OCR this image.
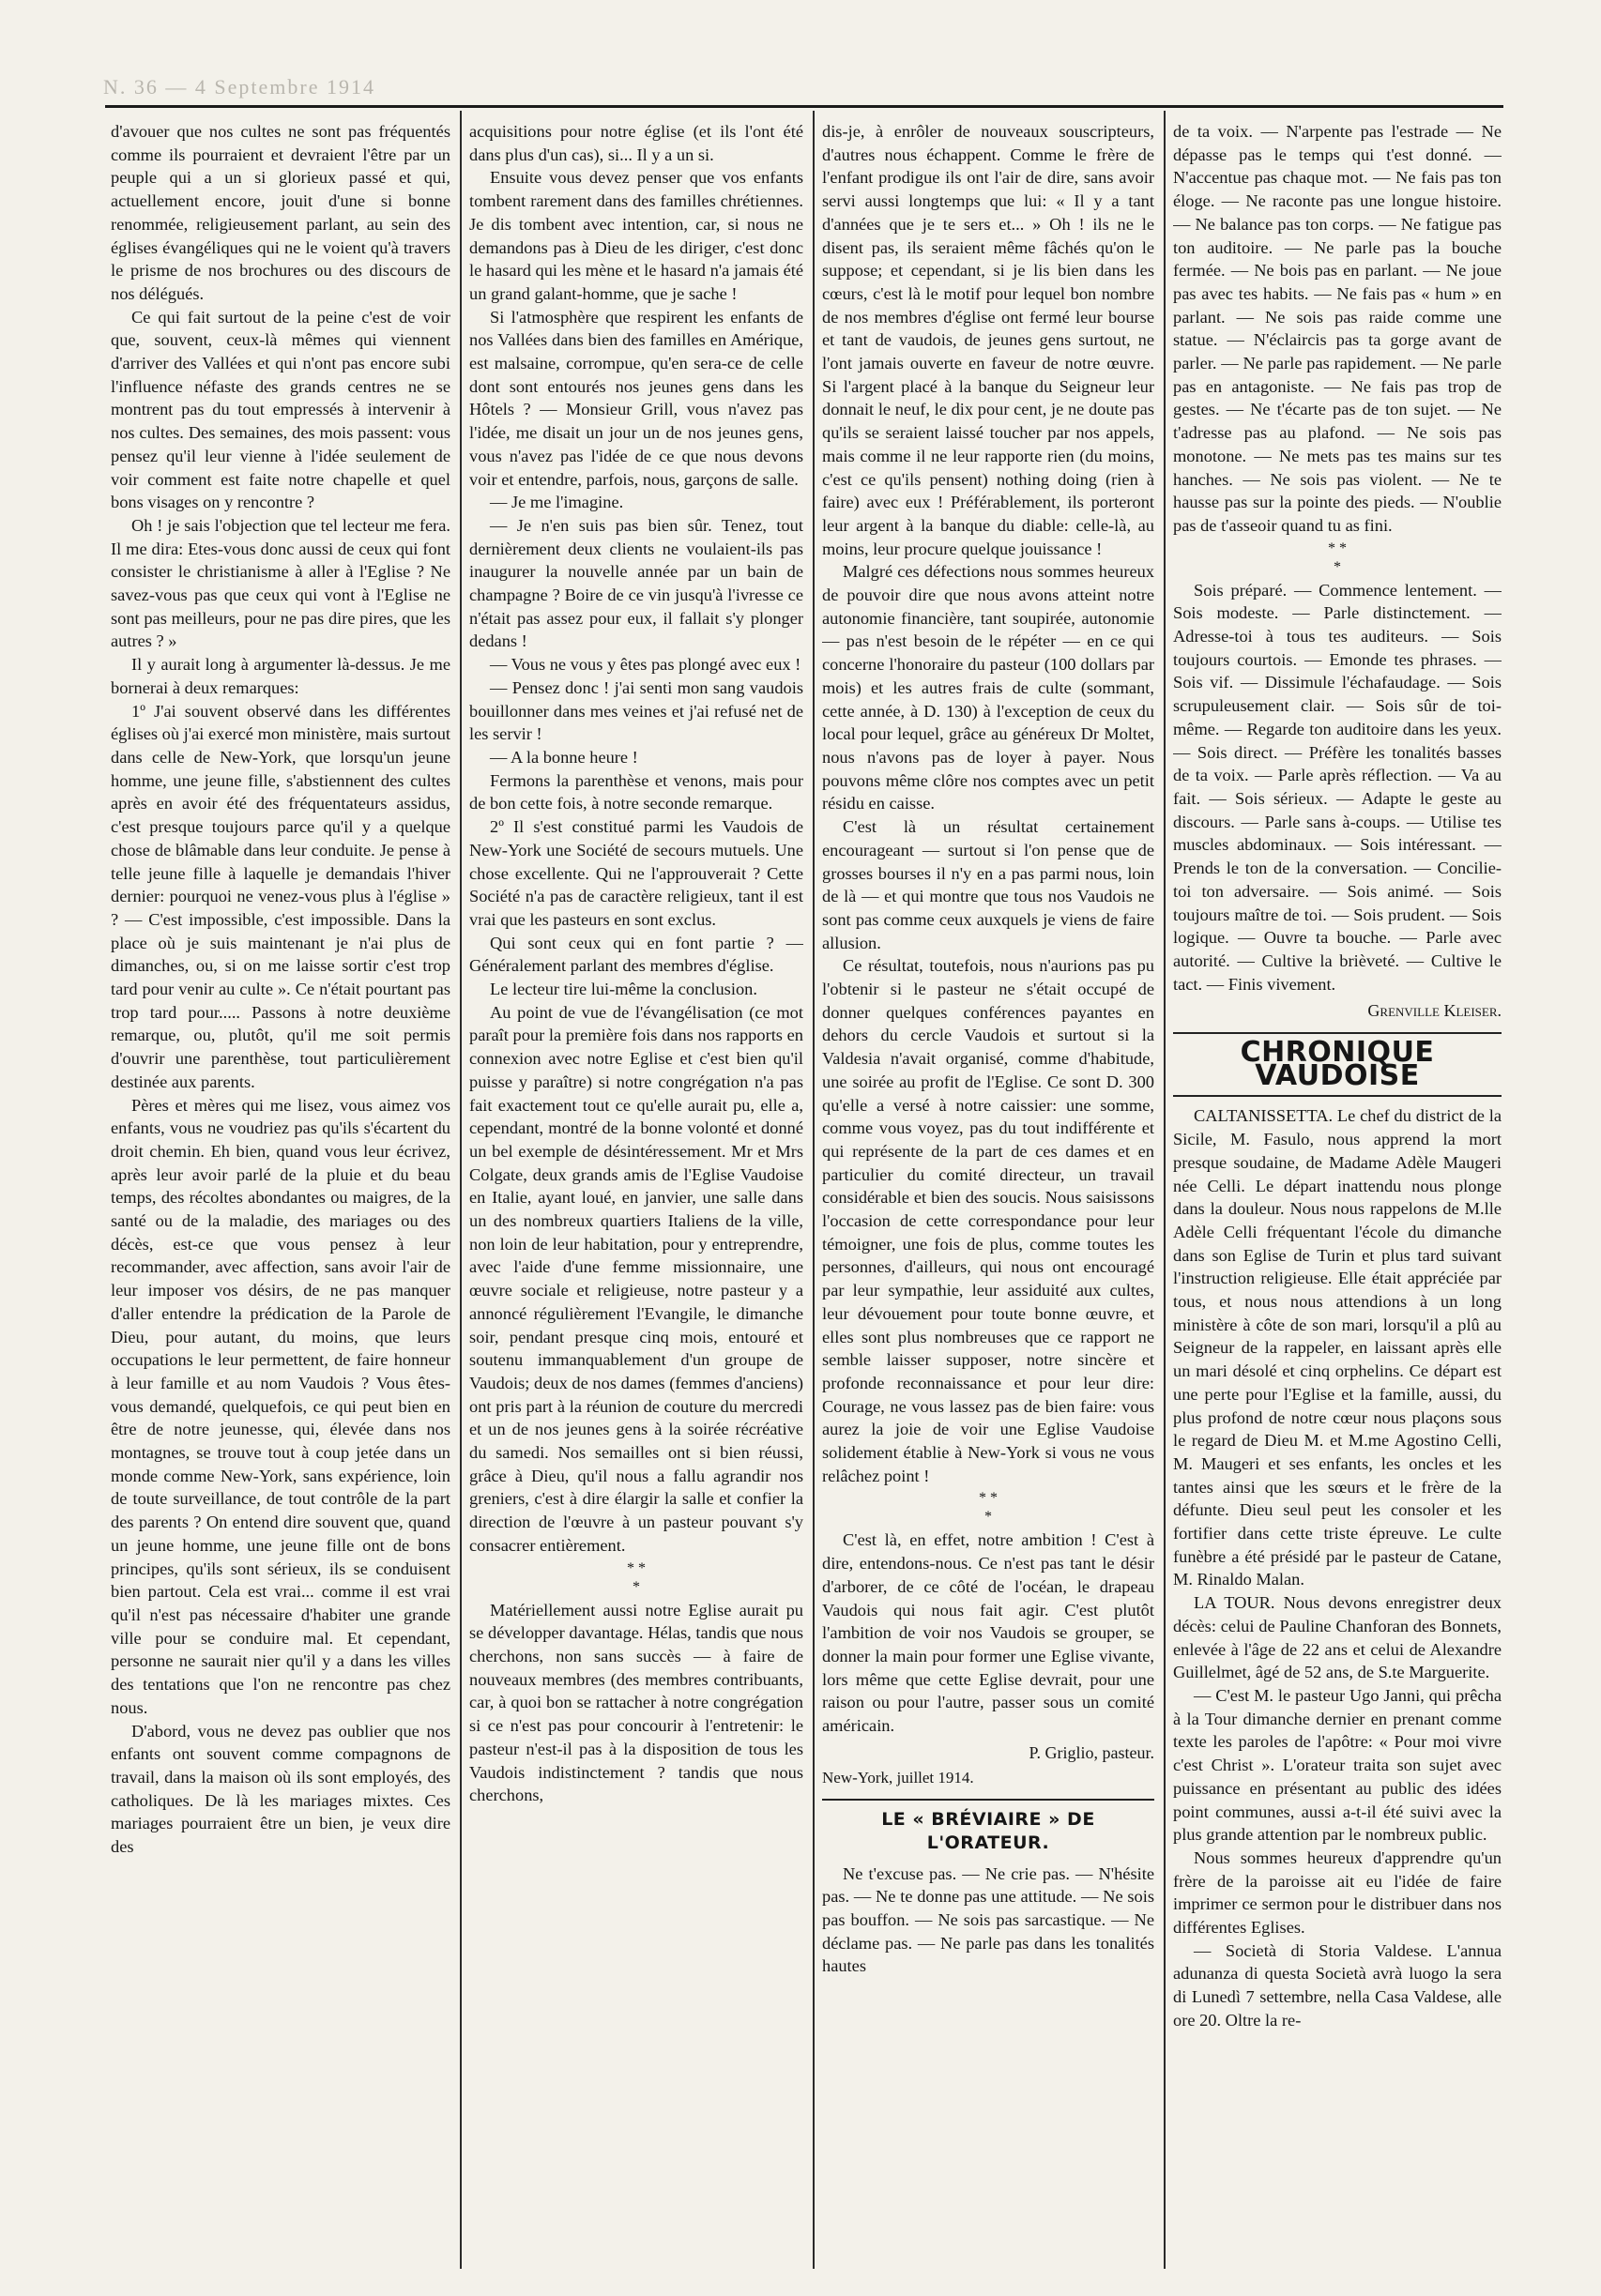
Ν. 36 — 4 Septembre 1914

d'avouer que nos cultes ne sont pas fréquentés comme ils pourraient et devraient l'être par un peuple qui a un si glorieux passé et qui, actuellement encore, jouit d'une si bonne renommée, religieusement parlant, au sein des églises évangéliques qui ne le voient qu'à travers le prisme de nos brochures ou des discours de nos délégués.

Ce qui fait surtout de la peine c'est de voir que, souvent, ceux-là mêmes qui viennent d'arriver des Vallées et qui n'ont pas encore subi l'influence néfaste des grands centres ne se montrent pas du tout empressés à intervenir à nos cultes. Des semaines, des mois passent: vous pensez qu'il leur vienne à l'idée seulement de voir comment est faite notre chapelle et quel bons visages on y rencontre ?

Oh ! je sais l'objection que tel lecteur me fera. Il me dira: Etes-vous donc aussi de ceux qui font consister le christianisme à aller à l'Eglise ? Ne savez-vous pas que ceux qui vont à l'Eglise ne sont pas meilleurs, pour ne pas dire pires, que les autres ? »

Il y aurait long à argumenter là-dessus. Je me bornerai à deux remarques:

1º J'ai souvent observé dans les différentes églises où j'ai exercé mon ministère, mais surtout dans celle de New-York, que lorsqu'un jeune homme, une jeune fille, s'abstiennent des cultes après en avoir été des fréquentateurs assidus, c'est presque toujours parce qu'il y a quelque chose de blâmable dans leur conduite. Je pense à telle jeune fille à laquelle je demandais l'hiver dernier: pourquoi ne venez-vous plus à l'église » ? — C'est impossible, c'est impossible. Dans la place où je suis maintenant je n'ai plus de dimanches, ou, si on me laisse sortir c'est trop tard pour venir au culte ». Ce n'était pourtant pas trop tard pour..... Passons à notre deuxième remarque, ou, plutôt, qu'il me soit permis d'ouvrir une parenthèse, tout particulièrement destinée aux parents.

Pères et mères qui me lisez, vous aimez vos enfants, vous ne voudriez pas qu'ils s'écartent du droit chemin. Eh bien, quand vous leur écrivez, après leur avoir parlé de la pluie et du beau temps, des récoltes abondantes ou maigres, de la santé ou de la maladie, des mariages ou des décès, est-ce que vous pensez à leur recommander, avec affection, sans avoir l'air de leur imposer vos désirs, de ne pas manquer d'aller entendre la prédication de la Parole de Dieu, pour autant, du moins, que leurs occupations le leur permettent, de faire honneur à leur famille et au nom Vaudois ? Vous êtes-vous demandé, quelquefois, ce qui peut bien en être de notre jeunesse, qui, élevée dans nos montagnes, se trouve tout à coup jetée dans un monde comme New-York, sans expérience, loin de toute surveillance, de tout contrôle de la part des parents ? On entend dire souvent que, quand un jeune homme, une jeune fille ont de bons principes, qu'ils sont sérieux, ils se conduisent bien partout. Cela est vrai... comme il est vrai qu'il n'est pas nécessaire d'habiter une grande ville pour se conduire mal. Et cependant, personne ne saurait nier qu'il y a dans les villes des tentations que l'on ne rencontre pas chez nous.

D'abord, vous ne devez pas oublier que nos enfants ont souvent comme compagnons de travail, dans la maison où ils sont employés, des catholiques. De là les mariages mixtes. Ces mariages pourraient être un bien, je veux dire des

acquisitions pour notre église (et ils l'ont été dans plus d'un cas), si... Il y a un si.

Ensuite vous devez penser que vos enfants tombent rarement dans des familles chrétiennes. Je dis tombent avec intention, car, si nous ne demandons pas à Dieu de les diriger, c'est donc le hasard qui les mène et le hasard n'a jamais été un grand galant-homme, que je sache !

Si l'atmosphère que respirent les enfants de nos Vallées dans bien des familles en Amérique, est malsaine, corrompue, qu'en sera-ce de celle dont sont entourés nos jeunes gens dans les Hôtels ? — Monsieur Grill, vous n'avez pas l'idée, me disait un jour un de nos jeunes gens, vous n'avez pas l'idée de ce que nous devons voir et entendre, parfois, nous, garçons de salle.

— Je me l'imagine.

— Je n'en suis pas bien sûr. Tenez, tout dernièrement deux clients ne voulaient-ils pas inaugurer la nouvelle année par un bain de champagne ? Boire de ce vin jusqu'à l'ivresse ce n'était pas assez pour eux, il fallait s'y plonger dedans !

— Vous ne vous y êtes pas plongé avec eux !

— Pensez donc ! j'ai senti mon sang vaudois bouillonner dans mes veines et j'ai refusé net de les servir !

— A la bonne heure !

Fermons la parenthèse et venons, mais pour de bon cette fois, à notre seconde remarque.

2º Il s'est constitué parmi les Vaudois de New-York une Société de secours mutuels. Une chose excellente. Qui ne l'approuverait ? Cette Société n'a pas de caractère religieux, tant il est vrai que les pasteurs en sont exclus.

Qui sont ceux qui en font partie ? — Généralement parlant des membres d'église.

Le lecteur tire lui-même la conclusion.

Au point de vue de l'évangélisation (ce mot paraît pour la première fois dans nos rapports en connexion avec notre Eglise et c'est bien qu'il puisse y paraître) si notre congrégation n'a pas fait exactement tout ce qu'elle aurait pu, elle a, cependant, montré de la bonne volonté et donné un bel exemple de désintéressement. Mr et Mrs Colgate, deux grands amis de l'Eglise Vaudoise en Italie, ayant loué, en janvier, une salle dans un des nombreux quartiers Italiens de la ville, non loin de leur habitation, pour y entreprendre, avec l'aide d'une femme missionnaire, une œuvre sociale et religieuse, notre pasteur y a annoncé régulièrement l'Evangile, le dimanche soir, pendant presque cinq mois, entouré et soutenu immanquablement d'un groupe de Vaudois; deux de nos dames (femmes d'anciens) ont pris part à la réunion de couture du mercredi et un de nos jeunes gens à la soirée récréative du samedi. Nos semailles ont si bien réussi, grâce à Dieu, qu'il nous a fallu agrandir nos greniers, c'est à dire élargir la salle et confier la direction de l'œuvre à un pasteur pouvant s'y consacrer entièrement.

* *
*

Matériellement aussi notre Eglise aurait pu se développer davantage. Hélas, tandis que nous cherchons, non sans succès — à faire de nouveaux membres (des membres contribuants, car, à quoi bon se rattacher à notre congrégation si ce n'est pas pour concourir à l'entretenir: le pasteur n'est-il pas à la disposition de tous les Vaudois indistinctement ? tandis que nous cherchons,

dis-je, à enrôler de nouveaux souscripteurs, d'autres nous échappent. Comme le frère de l'enfant prodigue ils ont l'air de dire, sans avoir servi aussi longtemps que lui: « Il y a tant d'années que je te sers et... » Oh ! ils ne le disent pas, ils seraient même fâchés qu'on le suppose; et cependant, si je lis bien dans les cœurs, c'est là le motif pour lequel bon nombre de nos membres d'église ont fermé leur bourse et tant de vaudois, de jeunes gens surtout, ne l'ont jamais ouverte en faveur de notre œuvre. Si l'argent placé à la banque du Seigneur leur donnait le neuf, le dix pour cent, je ne doute pas qu'ils se seraient laissé toucher par nos appels, mais comme il ne leur rapporte rien (du moins, c'est ce qu'ils pensent) nothing doing (rien à faire) avec eux ! Préférablement, ils porteront leur argent à la banque du diable: celle-là, au moins, leur procure quelque jouissance !

Malgré ces défections nous sommes heureux de pouvoir dire que nous avons atteint notre autonomie financière, tant soupirée, autonomie — pas n'est besoin de le répéter — en ce qui concerne l'honoraire du pasteur (100 dollars par mois) et les autres frais de culte (sommant, cette année, à D. 130) à l'exception de ceux du local pour lequel, grâce au généreux Dr Moltet, nous n'avons pas de loyer à payer. Nous pouvons même clôre nos comptes avec un petit résidu en caisse.

C'est là un résultat certainement encourageant — surtout si l'on pense que de grosses bourses il n'y en a pas parmi nous, loin de là — et qui montre que tous nos Vaudois ne sont pas comme ceux auxquels je viens de faire allusion.

Ce résultat, toutefois, nous n'aurions pas pu l'obtenir si le pasteur ne s'était occupé de donner quelques conférences payantes en dehors du cercle Vaudois et surtout si la Valdesia n'avait organisé, comme d'habitude, une soirée au profit de l'Eglise. Ce sont D. 300 qu'elle a versé à notre caissier: une somme, comme vous voyez, pas du tout indifférente et qui représente de la part de ces dames et en particulier du comité directeur, un travail considérable et bien des soucis. Nous saisissons l'occasion de cette correspondance pour leur témoigner, une fois de plus, comme toutes les personnes, d'ailleurs, qui nous ont encouragé par leur sympathie, leur assiduité aux cultes, leur dévouement pour toute bonne œuvre, et elles sont plus nombreuses que ce rapport ne semble laisser supposer, notre sincère et profonde reconnaissance et pour leur dire: Courage, ne vous lassez pas de bien faire: vous aurez la joie de voir une Eglise Vaudoise solidement établie à New-York si vous ne vous relâchez point !

* *
*

C'est là, en effet, notre ambition ! C'est à dire, entendons-nous. Ce n'est pas tant le désir d'arborer, de ce côté de l'océan, le drapeau Vaudois qui nous fait agir. C'est plutôt l'ambition de voir nos Vaudois se grouper, se donner la main pour former une Eglise vivante, lors même que cette Eglise devrait, pour une raison ou pour l'autre, passer sous un comité américain.

P. Griglio, pasteur.
New-York, juillet 1914.
LE « BRÉVIAIRE » DE L'ORATEUR.

Ne t'excuse pas. — Ne crie pas. — N'hésite pas. — Ne te donne pas une attitude. — Ne sois pas bouffon. — Ne sois pas sarcastique. — Ne déclame pas. — Ne parle pas dans les tonalités hautes

de ta voix. — N'arpente pas l'estrade — Ne dépasse pas le temps qui t'est donné. — N'accentue pas chaque mot. — Ne fais pas ton éloge. — Ne raconte pas une longue histoire. — Ne balance pas ton corps. — Ne fatigue pas ton auditoire. — Ne parle pas la bouche fermée. — Ne bois pas en parlant. — Ne joue pas avec tes habits. — Ne fais pas « hum » en parlant. — Ne sois pas raide comme une statue. — N'éclaircis pas ta gorge avant de parler. — Ne parle pas rapidement. — Ne parle pas en antagoniste. — Ne fais pas trop de gestes. — Ne t'écarte pas de ton sujet. — Ne t'adresse pas au plafond. — Ne sois pas monotone. — Ne mets pas tes mains sur tes hanches. — Ne sois pas violent. — Ne te hausse pas sur la pointe des pieds. — N'oublie pas de t'asseoir quand tu as fini.

* *
*

Sois préparé. — Commence lentement. — Sois modeste. — Parle distinctement. — Adresse-toi à tous tes auditeurs. — Sois toujours courtois. — Emonde tes phrases. — Sois vif. — Dissimule l'échafaudage. — Sois scrupuleusement clair. — Sois sûr de toi-même. — Regarde ton auditoire dans les yeux. — Sois direct. — Préfère les tonalités basses de ta voix. — Parle après réflection. — Va au fait. — Sois sérieux. — Adapte le geste au discours. — Parle sans à-coups. — Utilise tes muscles abdominaux. — Sois intéressant. — Prends le ton de la conversation. — Concilie-toi ton adversaire. — Sois animé. — Sois toujours maître de toi. — Sois prudent. — Sois logique. — Ouvre ta bouche. — Parle avec autorité. — Cultive la brièveté. — Cultive le tact. — Finis vivement.

Grenville Kleiser.
CHRONIQUE VAUDOISE

CALTANISSETTA. Le chef du district de la Sicile, M. Fasulo, nous apprend la mort presque soudaine, de Madame Adèle Maugeri née Celli. Le départ inattendu nous plonge dans la douleur. Nous nous rappelons de M.lle Adèle Celli fréquentant l'école du dimanche dans son Eglise de Turin et plus tard suivant l'instruction religieuse. Elle était appréciée par tous, et nous nous attendions à un long ministère à côte de son mari, lorsqu'il a plû au Seigneur de la rappeler, en laissant après elle un mari désolé et cinq orphelins. Ce départ est une perte pour l'Eglise et la famille, aussi, du plus profond de notre cœur nous plaçons sous le regard de Dieu M. et M.me Agostino Celli, M. Maugeri et ses enfants, les oncles et les tantes ainsi que les sœurs et le frère de la défunte. Dieu seul peut les consoler et les fortifier dans cette triste épreuve. Le culte funèbre a été présidé par le pasteur de Catane, M. Rinaldo Malan.

LA TOUR. Nous devons enregistrer deux décès: celui de Pauline Chanforan des Bonnets, enlevée à l'âge de 22 ans et celui de Alexandre Guillelmet, âgé de 52 ans, de S.te Marguerite.

— C'est M. le pasteur Ugo Janni, qui prêcha à la Tour dimanche dernier en prenant comme texte les paroles de l'apôtre: « Pour moi vivre c'est Christ ». L'orateur traita son sujet avec puissance en présentant au public des idées point communes, aussi a-t-il été suivi avec la plus grande attention par le nombreux public.

Nous sommes heureux d'apprendre qu'un frère de la paroisse ait eu l'idée de faire imprimer ce sermon pour le distribuer dans nos différentes Eglises.

— Società di Storia Valdese. L'annua adunanza di questa Società avrà luogo la sera di Lunedì 7 settembre, nella Casa Valdese, alle ore 20. Oltre la re-
